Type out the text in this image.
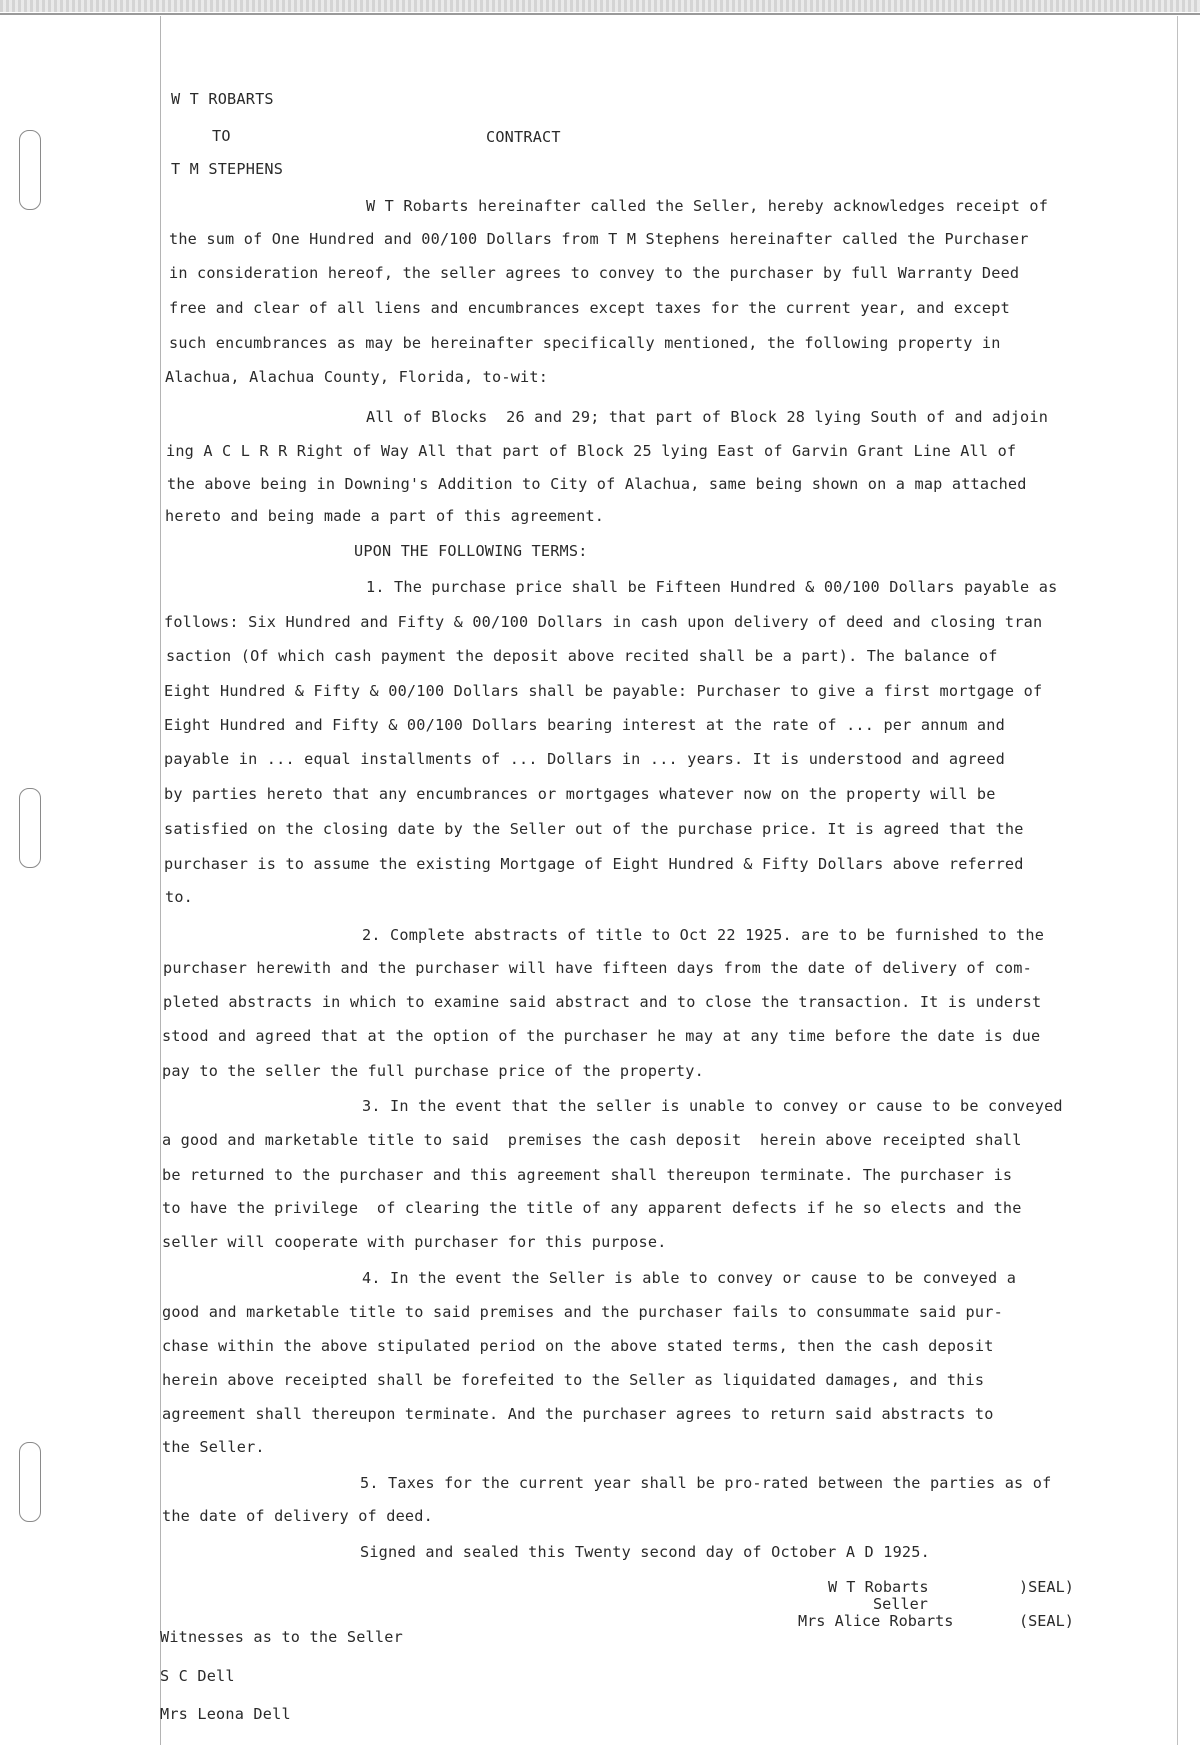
W T ROBARTS
TO	CONTRACT
T M STEPHENS
W T Robarts hereinafter called the Seller, hereby acknowledges receipt of
the sum of One Hundred and 00/100 Dollars from T M Stephens hereinafter called the Purchaser
in consideration hereof, the seller agrees to convey to the purchaser by full Warranty Deed
free and clear of all liens and encumbrances except taxes for the current year, and except
such encumbrances as may be hereinafter specifically mentioned, the following property in
Alachua, Alachua County, Florida, to-wit:
All of Blocks  26 and 29; that part of Block 28 lying South of and adjoin
ing A C L R R Right of Way All that part of Block 25 lying East of Garvin Grant Line All of
the above being in Downing's Addition to City of Alachua, same being shown on a map attached
hereto and being made a part of this agreement.
UPON THE FOLLOWING TERMS:
1. The purchase price shall be Fifteen Hundred & 00/100 Dollars payable as
follows: Six Hundred and Fifty & 00/100 Dollars in cash upon delivery of deed and closing tran
saction (Of which cash payment the deposit above recited shall be a part). The balance of
Eight Hundred & Fifty & 00/100 Dollars shall be payable: Purchaser to give a first mortgage of
Eight Hundred and Fifty & 00/100 Dollars bearing interest at the rate of ... per annum and
payable in ... equal installments of ... Dollars in ... years. It is understood and agreed
by parties hereto that any encumbrances or mortgages whatever now on the property will be
satisfied on the closing date by the Seller out of the purchase price. It is agreed that the
purchaser is to assume the existing Mortgage of Eight Hundred & Fifty Dollars above referred
to.
2. Complete abstracts of title to Oct 22 1925. are to be furnished to the
purchaser herewith and the purchaser will have fifteen days from the date of delivery of com-
pleted abstracts in which to examine said abstract and to close the transaction. It is underst
stood and agreed that at the option of the purchaser he may at any time before the date is due
pay to the seller the full purchase price of the property.
3. In the event that the seller is unable to convey or cause to be conveyed
a good and marketable title to said  premises the cash deposit  herein above receipted shall
be returned to the purchaser and this agreement shall thereupon terminate. The purchaser is
to have the privilege  of clearing the title of any apparent defects if he so elects and the
seller will cooperate with purchaser for this purpose.
4. In the event the Seller is able to convey or cause to be conveyed a
good and marketable title to said premises and the purchaser fails to consummate said pur-
chase within the above stipulated period on the above stated terms, then the cash deposit
herein above receipted shall be forefeited to the Seller as liquidated damages, and this
agreement shall thereupon terminate. And the purchaser agrees to return said abstracts to
the Seller.
5. Taxes for the current year shall be pro-rated between the parties as of
the date of delivery of deed.
Signed and sealed this Twenty second day of October A D 1925.
W T Robarts	)SEAL)
Seller
Mrs Alice Robarts	(SEAL)
Witnesses as to the Seller
S C Dell
Mrs Leona Dell
